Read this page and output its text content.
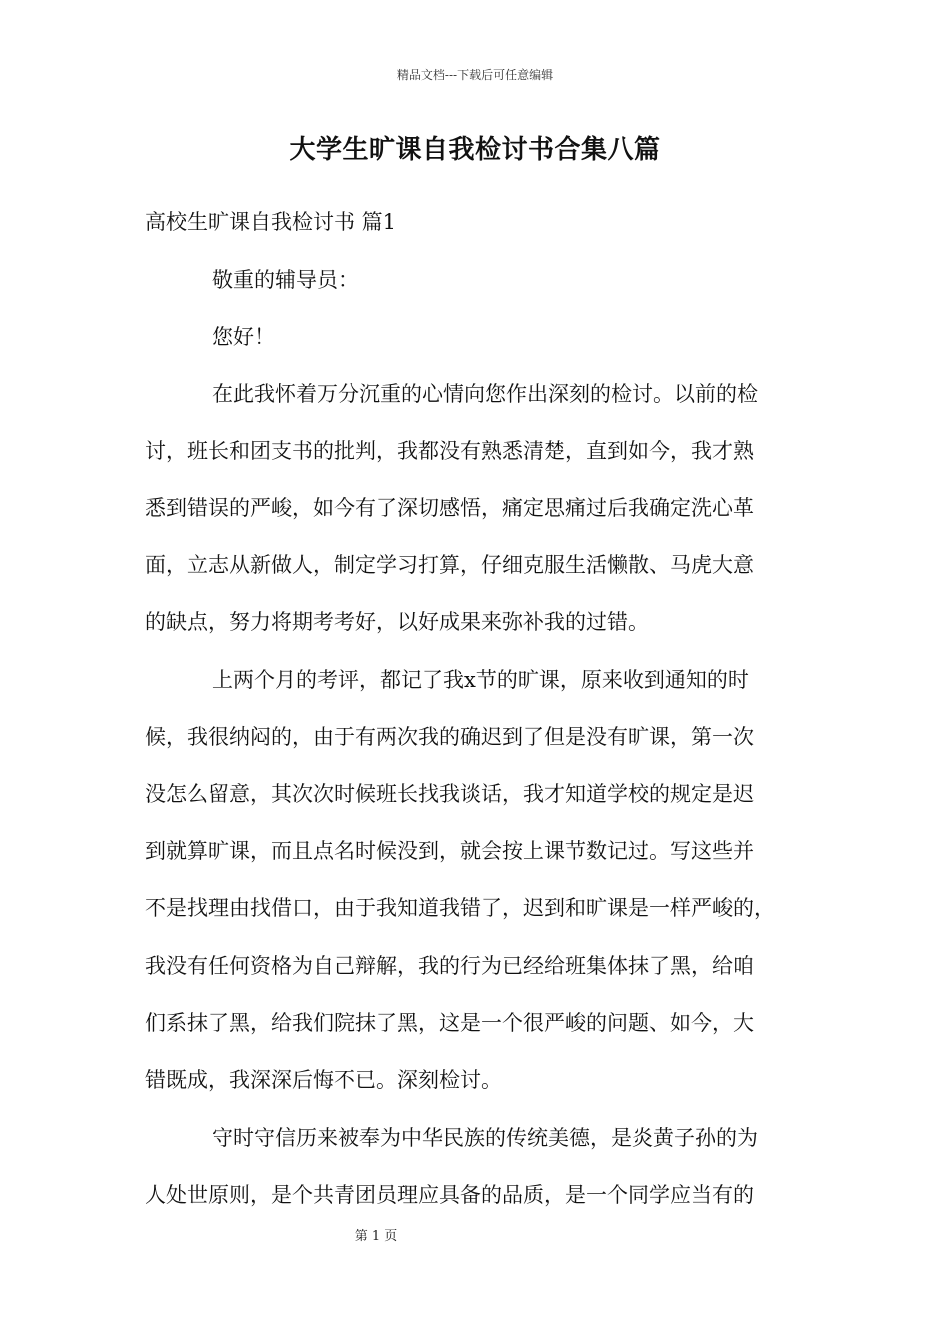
精品文档---下载后可任意编辑
大学生旷课自我检讨书合集八篇
高校生旷课自我检讨书 篇1
敬重的辅导员：
您好！
在此我怀着万分沉重的心情向您作出深刻的检讨。以前的检
讨，班长和团支书的批判，我都没有熟悉清楚，直到如今，我才熟
悉到错误的严峻，如今有了深切感悟，痛定思痛过后我确定洗心革
面，立志从新做人，制定学习打算，仔细克服生活懒散、马虎大意
的缺点，努力将期考考好，以好成果来弥补我的过错。
上两个月的考评，都记了我x节的旷课，原来收到通知的时
候，我很纳闷的，由于有两次我的确迟到了但是没有旷课，第一次
没怎么留意，其次次时候班长找我谈话，我才知道学校的规定是迟
到就算旷课，而且点名时候没到，就会按上课节数记过。写这些并
不是找理由找借口，由于我知道我错了，迟到和旷课是一样严峻的，
我没有任何资格为自己辩解，我的行为已经给班集体抹了黑，给咱
们系抹了黑，给我们院抹了黑，这是一个很严峻的问题、如今，大
错既成，我深深后悔不已。深刻检讨。
守时守信历来被奉为中华民族的传统美德，是炎黄子孙的为
人处世原则，是个共青团员理应具备的品质，是一个同学应当有的
第 1 页
